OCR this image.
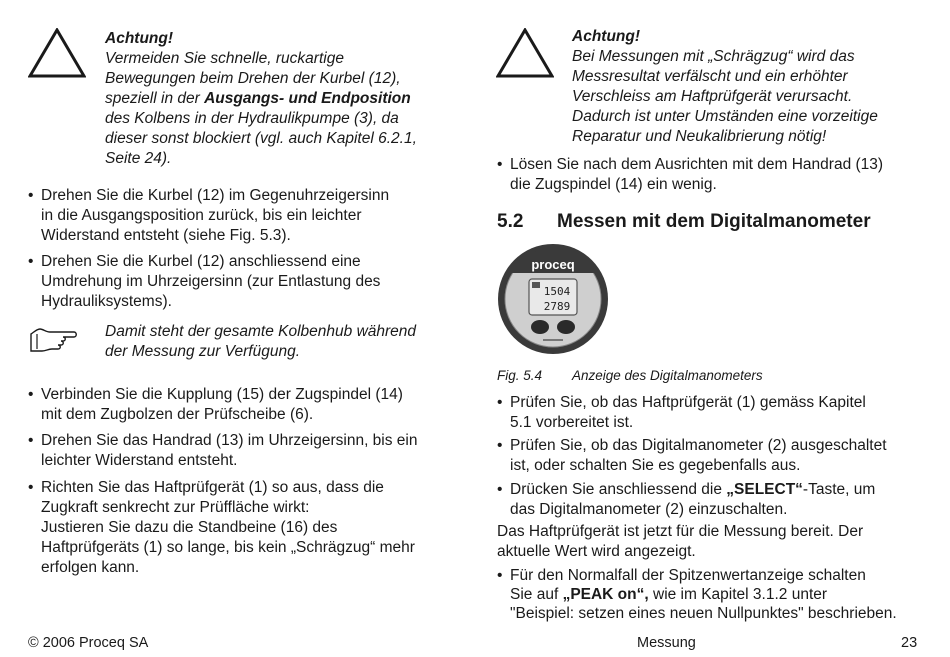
Achtung!
Vermeiden Sie schnelle, ruckartige
Bewegungen beim Drehen der Kurbel (12),
speziell in der Ausgangs- und Endposition
des Kolbens in der Hydraulikpumpe (3), da
dieser sonst blockiert (vgl. auch Kapitel 6.2.1,
Seite 24).
• Drehen Sie die Kurbel (12) im Gegenuhrzeigersinn
in die Ausgangsposition zurück, bis ein leichter
Widerstand entsteht (siehe Fig. 5.3).
• Drehen Sie die Kurbel (12) anschliessend eine
Umdrehung im Uhrzeigersinn (zur Entlastung des
Hydrauliksystems).
Damit steht der gesamte Kolbenhub während
der Messung zur Verfügung.
• Verbinden Sie die Kupplung (15) der Zugspindel (14)
mit dem Zugbolzen der Prüfscheibe (6).
• Drehen Sie das Handrad (13) im Uhrzeigersinn, bis ein
leichter Widerstand entsteht.
• Richten Sie das Haftprüfgerät (1) so aus, dass die
Zugkraft senkrecht zur Prüffläche wirkt:
Justieren Sie dazu die Standbeine (16) des
Haftprüfgeräts (1) so lange, bis kein „Schrägzug“ mehr
erfolgen kann.
Achtung!
Bei Messungen mit „Schrägzug“ wird das
Messresultat verfälscht und ein erhöhter
Verschleiss am Haftprüfgerät verursacht.
Dadurch ist unter Umständen eine vorzeitige
Reparatur und Neukalibrierung nötig!
• Lösen Sie nach dem Ausrichten mit dem Handrad (13)
die Zugspindel (14) ein wenig.
5.2 Messen mit dem Digitalmanometer
proceq
1504
2789
Fig. 5.4 Anzeige des Digitalmanometers
• Prüfen Sie, ob das Haftprüfgerät (1) gemäss Kapitel
5.1 vorbereitet ist.
• Prüfen Sie, ob das Digitalmanometer (2) ausgeschaltet
ist, oder schalten Sie es gegebenfalls aus.
• Drücken Sie anschliessend die „SELECT“-Taste, um
das Digitalmanometer (2) einzuschalten.
Das Haftprüfgerät ist jetzt für die Messung bereit. Der
aktuelle Wert wird angezeigt.
• Für den Normalfall der Spitzenwertanzeige schalten
Sie auf „PEAK on“, wie im Kapitel 3.1.2 unter
"Beispiel: setzen eines neuen Nullpunktes" beschrieben.
© 2006 Proceq SA	Messung	23
